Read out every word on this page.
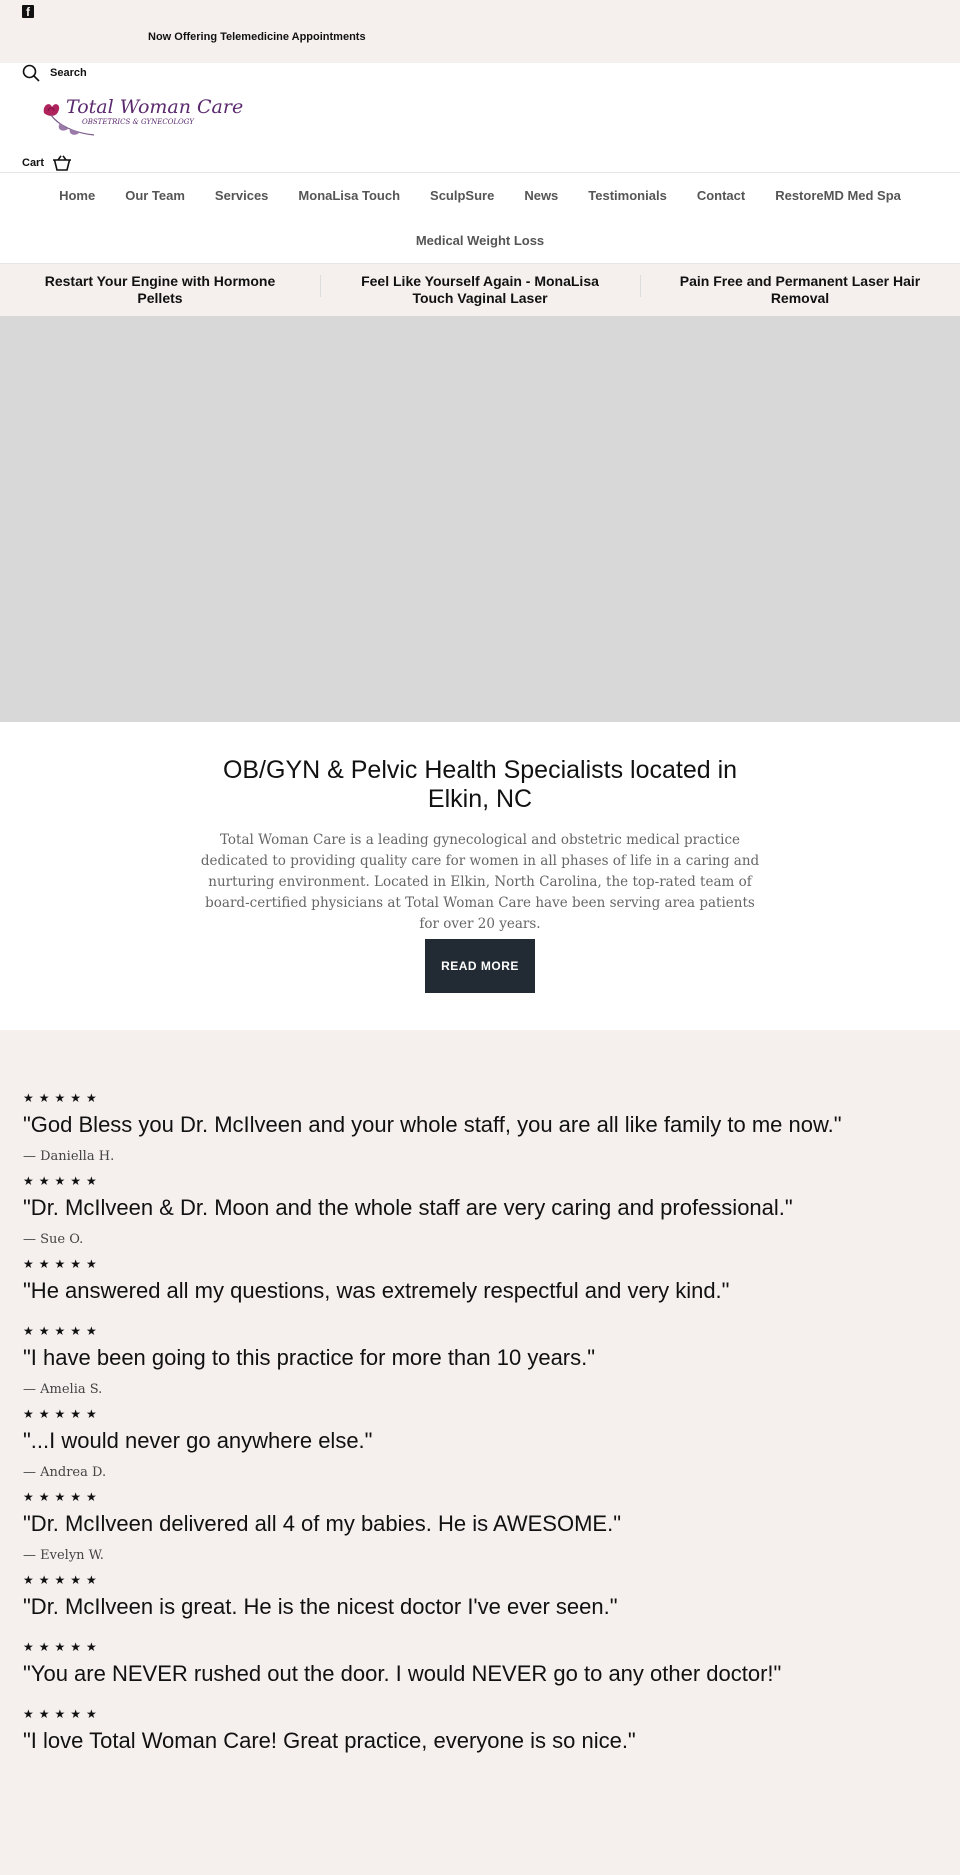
f
Now Offering Telemedicine Appointments
Search
Total Woman Care
OBSTETRICS & GYNECOLOGY
Cart
Home	Our Team	Services	MonaLisa Touch	SculpSure	News	Testimonials	Contact	RestoreMD Med Spa
Medical Weight Loss
Restart Your Engine with Hormone Pellets
Feel Like Yourself Again - MonaLisa Touch Vaginal Laser
Pain Free and Permanent Laser Hair Removal
OB/GYN & Pelvic Health Specialists located in Elkin, NC

Total Woman Care is a leading gynecological and obstetric medical practice dedicated to providing quality care for women in all phases of life in a caring and nurturing environment. Located in Elkin, North Carolina, the top-rated team of board-certified physicians at Total Woman Care have been serving area patients for over 20 years.

READ MORE
★★★★★
"God Bless you Dr. McIlveen and your whole staff, you are all like family to me now."
— Daniella H.
★★★★★
"Dr. McIlveen & Dr. Moon and the whole staff are very caring and professional."
— Sue O.
★★★★★
"He answered all my questions, was extremely respectful and very kind."
★★★★★
"I have been going to this practice for more than 10 years."
— Amelia S.
★★★★★
"...I would never go anywhere else."
— Andrea D.
★★★★★
"Dr. McIlveen delivered all 4 of my babies. He is AWESOME."
— Evelyn W.
★★★★★
"Dr. McIlveen is great. He is the nicest doctor I've ever seen."
★★★★★
"You are NEVER rushed out the door. I would NEVER go to any other doctor!"
★★★★★
"I love Total Woman Care! Great practice, everyone is so nice."
